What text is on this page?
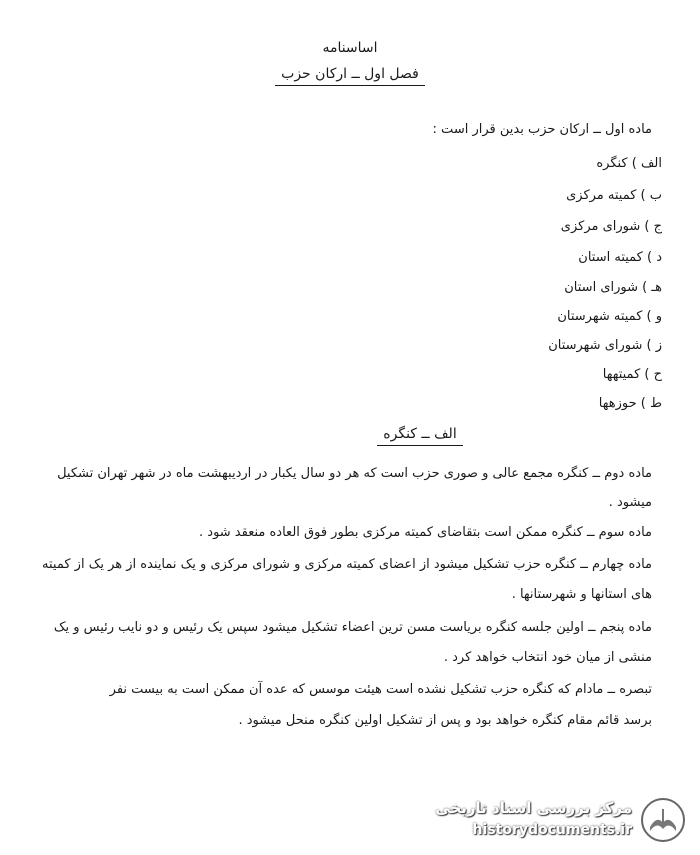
اساسنامه
فصل اول ــ ارکان حزب
ماده اول ــ ارکان حزب بدین قرار است :
الف ) کنگره
ب ) کمیته مرکزی
ج ) شورای مرکزی
د ) کمیته استان
هـ ) شورای استان
و ) کمیته شهرستان
ز ) شورای شهرستان
ح ) کمیتهها
ط ) حوزهها
الف ــ کنگره
ماده دوم ــ کنگره مجمع عالی و صوری حزب است که هر دو سال یکبار در اردیبهشت ماه در شهر تهران تشکیل
میشود .
ماده سوم ــ کنگره ممکن است بتقاضای کمیته مرکزی بطور فوق العاده منعقد شود .
ماده چهارم ــ کنگره حزب تشکیل میشود از اعضای کمیته مرکزی و شورای مرکزی و یک نماینده از هر یک از کمیته
های استانها و شهرستانها .
ماده پنجم ــ اولین جلسه کنگره بریاست مسن ترین اعضاء تشکیل میشود سپس یک رئیس و دو نایب رئیس و یک
منشی از میان خود انتخاب خواهد کرد .
تبصره ــ مادام که کنگره حزب تشکیل نشده است هیئت موسس که عده آن ممکن است به بیست نفر
برسد قائم مقام کنگره خواهد بود و پس از تشکیل اولین کنگره منحل میشود .
مرکز بررسی اسناد تاریخی
historydocuments.ir
